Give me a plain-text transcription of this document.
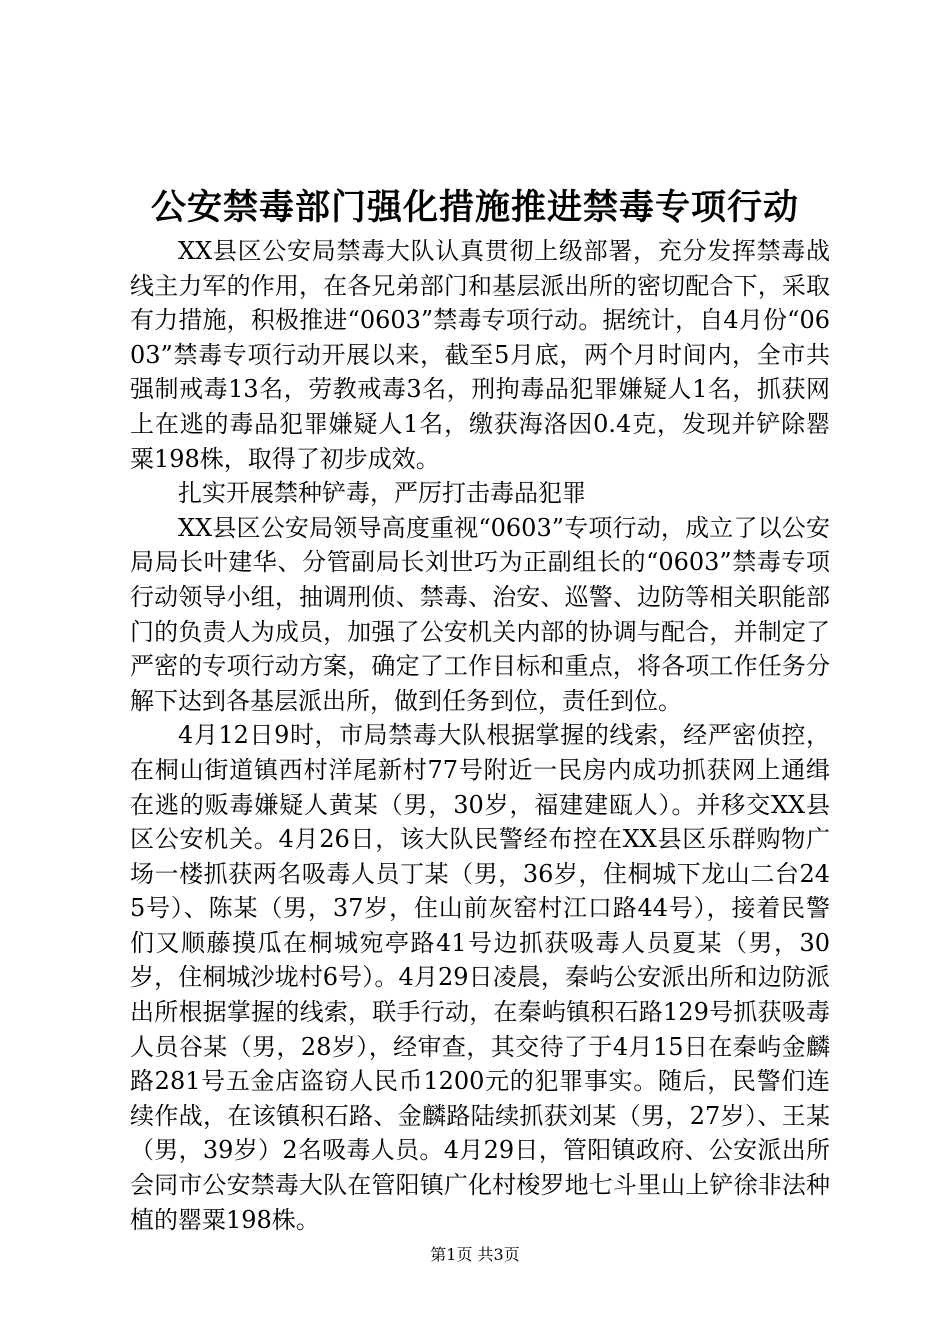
公安禁毒部门强化措施推进禁毒专项行动

XX县区公安局禁毒大队认真贯彻上级部署，充分发挥禁毒战线主力军的作用，在各兄弟部门和基层派出所的密切配合下，采取有力措施，积极推进“0603”禁毒专项行动。据统计，自4月份“0603”禁毒专项行动开展以来，截至5月底，两个月时间内，全市共强制戒毒13名，劳教戒毒3名，刑拘毒品犯罪嫌疑人1名，抓获网上在逃的毒品犯罪嫌疑人1名，缴获海洛因0.4克，发现并铲除罂粟198株，取得了初步成效。

扎实开展禁种铲毒，严厉打击毒品犯罪

XX县区公安局领导高度重视“0603”专项行动，成立了以公安局局长叶建华、分管副局长刘世巧为正副组长的“0603”禁毒专项行动领导小组，抽调刑侦、禁毒、治安、巡警、边防等相关职能部门的负责人为成员，加强了公安机关内部的协调与配合，并制定了严密的专项行动方案，确定了工作目标和重点，将各项工作任务分解下达到各基层派出所，做到任务到位，责任到位。

4月12日9时，市局禁毒大队根据掌握的线索，经严密侦控，在桐山街道镇西村洋尾新村77号附近一民房内成功抓获网上通缉在逃的贩毒嫌疑人黄某（男，30岁，福建建瓯人）。并移交XX县区公安机关。4月26日，该大队民警经布控在XX县区乐群购物广场一楼抓获两名吸毒人员丁某（男，36岁，住桐城下龙山二台245号）、陈某（男，37岁，住山前灰窑村江口路44号），接着民警们又顺藤摸瓜在桐城宛亭路41号边抓获吸毒人员夏某（男，30岁，住桐城沙垅村6号）。4月29日凌晨，秦屿公安派出所和边防派出所根据掌握的线索，联手行动，在秦屿镇积石路129号抓获吸毒人员谷某（男，28岁），经审查，其交待了于4月15日在秦屿金麟路281号五金店盗窃人民币1200元的犯罪事实。随后，民警们连续作战，在该镇积石路、金麟路陆续抓获刘某（男，27岁）、王某（男，39岁）2名吸毒人员。4月29日，管阳镇政府、公安派出所会同市公安禁毒大队在管阳镇广化村梭罗地七斗里山上铲徐非法种植的罂粟198株。

第1页 共3页
